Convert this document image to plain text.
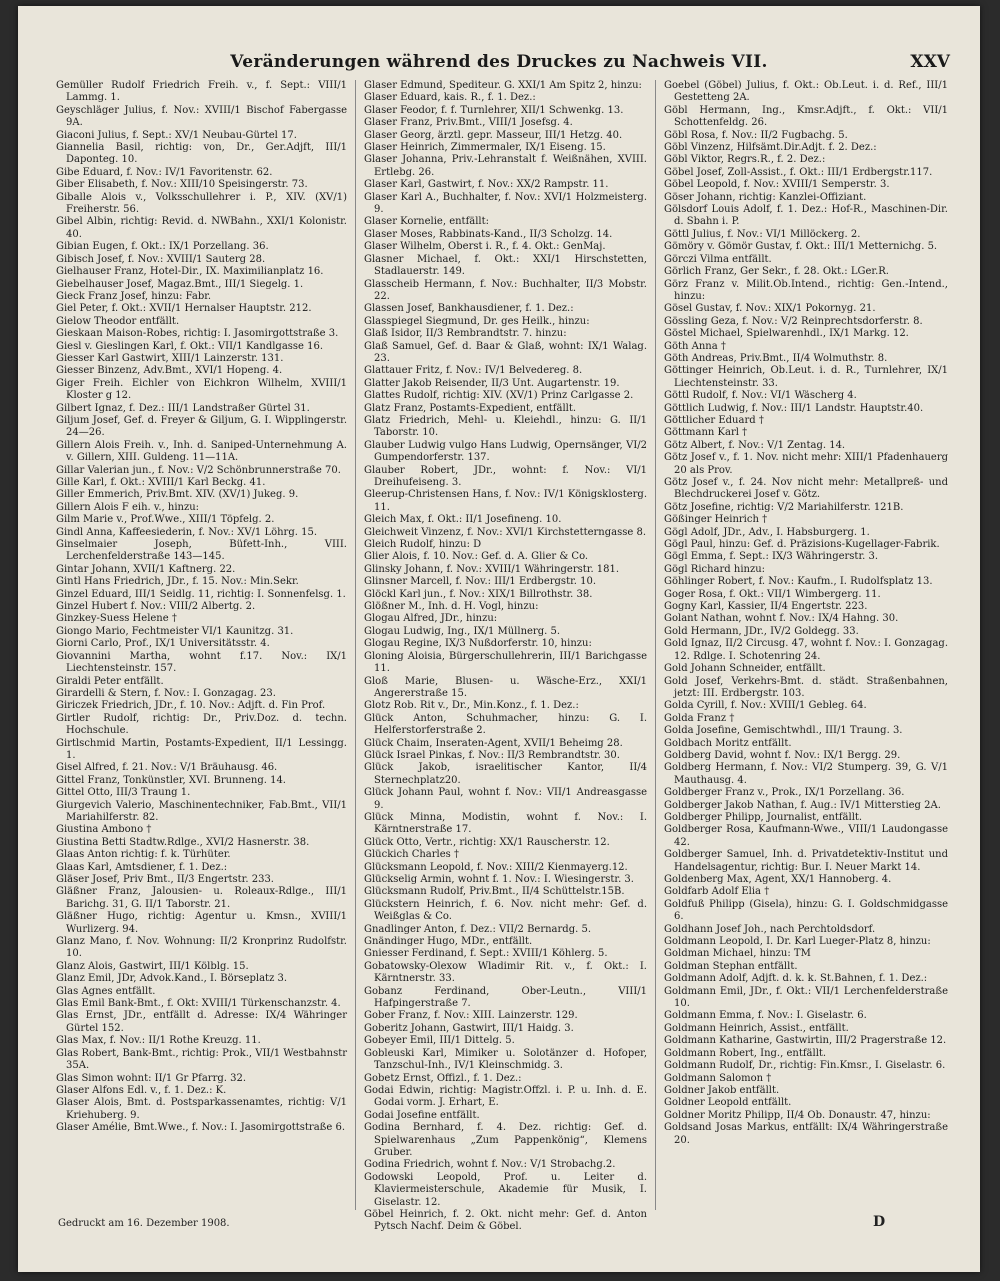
Veränderungen während des Druckes zu Nachweis VII.	XXV

Gemüller Rudolf Friedrich Freih. v., f. Sept.: VIII/1 Lammg. 1.

Geyschläger Julius, f. Nov.: XVIII/1 Bischof Fabergasse 9A.

Giaconi Julius, f. Sept.: XV/1 Neubau-Gürtel 17.

Giannelia Basil, richtig: von, Dr., Ger.Adjft, III/1 Daponteg. 10.

Gibe Eduard, f. Nov.: IV/1 Favoritenstr. 62.

Giber Elisabeth, f. Nov.: XIII/10 Speisingerstr. 73.

Giballe Alois v., Volksschullehrer i. P., XIV. (XV/1) Freiherstr. 56.

Gibel Albin, richtig: Revid. d. NWBahn., XXI/1 Kolonistr. 40.

Gibian Eugen, f. Okt.: IX/1 Porzellang. 36.

Gibisch Josef, f. Nov.: XVIII/1 Sauterg 28.

Gielhauser Franz, Hotel-Dir., IX. Maximilianplatz 16.

Giebelhauser Josef, Magaz.Bmt., III/1 Siegelg. 1.

Gieck Franz Josef, hinzu: Fabr.

Giel Peter, f. Okt.: XVII/1 Hernalser Hauptstr. 212.

Gielow Theodor entfällt.

Gieskaan Maison-Robes, richtig: I. Jasomirgottstraße 3.

Giesl v. Gieslingen Karl, f. Okt.: VII/1 Kandlgasse 16.

Giesser Karl Gastwirt, XIII/1 Lainzerstr. 131.

Giesser Binzenz, Adv.Bmt., XVI/1 Hopeng. 4.

Giger Freih. Eichler von Eichkron Wilhelm, XVIII/1 Kloster g 12.

Gilbert Ignaz, f. Dez.: III/1 Landstraßer Gürtel 31.

Giljum Josef, Gef. d. Freyer & Giljum, G. I. Wipplingerstr. 24—26.

Gillern Alois Freih. v., Inh. d. Saniped-Unternehmung A. v. Gillern, XIII. Guldeng. 11—11A.

Gillar Valerian jun., f. Nov.: V/2 Schönbrunnerstraße 70.

Gille Karl, f. Okt.: XVIII/1 Karl Beckg. 41.

Giller Emmerich, Priv.Bmt. XIV. (XV/1) Jukeg. 9.

Gillern Alois F eih. v., hinzu:

Gilm Marie v., Prof.Wwe., XIII/1 Töpfelg. 2.

Gindl Anna, Kaffeesiederin, f. Nov.: XV/1 Löhrg. 15.

Ginselmaier Joseph, Büfett-Inh., VIII. Lerchenfelderstraße 143—145.

Gintar Johann, XVII/1 Kaftnerg. 22.

Gintl Hans Friedrich, JDr., f. 15. Nov.: Min.Sekr.

Ginzel Eduard, III/1 Seidlg. 11, richtig: I. Sonnenfelsg. 1.

Ginzel Hubert f. Nov.: VIII/2 Albertg. 2.

Ginzkey-Suess Helene †

Giongo Mario, Fechtmeister VI/1 Kaunitzg. 31.

Giorni Carlo, Prof., IX/1 Universitätsstr. 4.

Giovannini Martha, wohnt f.17. Nov.: IX/1 Liechtensteinstr. 157.

Giraldi Peter entfällt.

Girardelli & Stern, f. Nov.: I. Gonzagag. 23.

Giriczek Friedrich, JDr., f. 10. Nov.: Adjft. d. Fin Prof.

Girtler Rudolf, richtig: Dr., Priv.Doz. d. techn. Hochschule.

Girtlschmid Martin, Postamts-Expedient, II/1 Lessingg. 1.

Gisel Alfred, f. 21. Nov.: V/1 Bräuhausg. 46.

Gittel Franz, Tonkünstler, XVI. Brunneng. 14.

Gittel Otto, III/3 Traung 1.

Giurgevich Valerio, Maschinentechniker, Fab.Bmt., VII/1 Mariahilferstr. 82.

Giustina Ambono †

Giustina Betti Stadtw.Rdlge., XVI/2 Hasnerstr. 38.

Glaas Anton richtig: f. k. Türhüter.

Glaas Karl, Amtsdiener, f. 1. Dez.:

Gläser Josef, Priv Bmt., II/3 Engertstr. 233.

Gläßner Franz, Jalousien- u. Roleaux-Rdlge., III/1 Barichg. 31, G. II/1 Taborstr. 21.

Gläßner Hugo, richtig: Agentur u. Kmsn., XVIII/1 Wurlizerg. 94.

Glanz Mano, f. Nov. Wohnung: II/2 Kronprinz Rudolfstr. 10.

Glanz Alois, Gastwirt, III/1 Kölblg. 15.

Glanz Emil, JDr, Advok.Kand., I. Börseplatz 3.

Glas Agnes entfällt.

Glas Emil Bank-Bmt., f. Okt: XVIII/1 Türkenschanzstr. 4.

Glas Ernst, JDr., entfällt d. Adresse: IX/4 Währinger Gürtel 152.

Glas Max, f. Nov.: II/1 Rothe Kreuzg. 11.

Glas Robert, Bank-Bmt., richtig: Prok., VII/1 Westbahnstr 35A.

Glas Simon wohnt: II/1 Gr Pfarrg. 32.

Glaser Alfons Edl. v., f. 1. Dez.: K.

Glaser Alois, Bmt. d. Postsparkassenamtes, richtig: V/1 Kriehuberg. 9.

Glaser Amélie, Bmt.Wwe., f. Nov.: I. Jasomirgottstraße 6.

Glaser Edmund, Spediteur. G. XXI/1 Am Spitz 2, hinzu:

Glaser Eduard, kais. R., f. 1. Dez.:

Glaser Feodor, f. f. Turnlehrer, XII/1 Schwenkg. 13.

Glaser Franz, Priv.Bmt., VIII/1 Josefsg. 4.

Glaser Georg, ärztl. gepr. Masseur, III/1 Hetzg. 40.

Glaser Heinrich, Zimmermaler, IX/1 Eiseng. 15.

Glaser Johanna, Priv.-Lehranstalt f. Weißnähen, XVIII. Ertlebg. 26.

Glaser Karl, Gastwirt, f. Nov.: XX/2 Rampstr. 11.

Glaser Karl A., Buchhalter, f. Nov.: XVI/1 Holzmeisterg. 9.

Glaser Kornelie, entfällt:

Glaser Moses, Rabbinats-Kand., II/3 Scholzg. 14.

Glaser Wilhelm, Oberst i. R., f. 4. Okt.: GenMaj.

Glasner Michael, f. Okt.: XXI/1 Hirschstetten, Stadlauerstr. 149.

Glasscheib Hermann, f. Nov.: Buchhalter, II/3 Mobstr. 22.

Glassen Josef, Bankhausdiener, f. 1. Dez.:

Glasspiegel Siegmund, Dr. ges Heilk., hinzu:

Glaß Isidor, II/3 Rembrandtstr. 7. hinzu:

Glaß Samuel, Gef. d. Baar & Glaß, wohnt: IX/1 Walag. 23.

Glattauer Fritz, f. Nov.: IV/1 Belvedereg. 8.

Glatter Jakob Reisender, II/3 Unt. Augartenstr. 19.

Glattes Rudolf, richtig: XIV. (XV/1) Prinz Carlgasse 2.

Glatz Franz, Postamts-Expedient, entfällt.

Glatz Friedrich, Mehl- u. Kleiehdl., hinzu: G. II/1 Taborstr. 10.

Glauber Ludwig vulgo Hans Ludwig, Opernsänger, VI/2 Gumpendorferstr. 137.

Glauber Robert, JDr., wohnt: f. Nov.: VI/1 Dreihufeiseng. 3.

Gleerup-Christensen Hans, f. Nov.: IV/1 Königsklosterg. 11.

Gleich Max, f. Okt.: II/1 Josefineng. 10.

Gleichweit Vinzenz, f. Nov.: XVI/1 Kirchstetterngasse 8.

Gleich Rudolf, hinzu: D

Glier Alois, f. 10. Nov.: Gef. d. A. Glier & Co.

Glinsky Johann, f. Nov.: XVIII/1 Währingerstr. 181.

Glinsner Marcell, f. Nov.: III/1 Erdbergstr. 10.

Glöckl Karl jun., f. Nov.: XIX/1 Billrothstr. 38.

Glößner M., Inh. d. H. Vogl, hinzu:

Glogau Alfred, JDr., hinzu:

Glogau Ludwig, Ing., IX/1 Müllnerg. 5.

Glogau Regine, IX/3 Nußdorferstr. 10, hinzu:

Gloning Aloisia, Bürgerschullehrerin, III/1 Barichgasse 11.

Gloß Marie, Blusen- u. Wäsche-Erz., XXI/1 Angererstraße 15.

Glotz Rob. Rit v., Dr., Min.Konz., f. 1. Dez.:

Glück Anton, Schuhmacher, hinzu: G. I. Helferstorferstraße 2.

Glück Chaim, Inseraten-Agent, XVII/1 Beheimg 28.

Glück Israel Pinkas, f. Nov.: II/3 Rembrandtstr. 30.

Glück Jakob, israelitischer Kantor, II/4 Sternechplatz20.

Glück Johann Paul, wohnt f. Nov.: VII/1 Andreasgasse 9.

Glück Minna, Modistin, wohnt f. Nov.: I. Kärntnerstraße 17.

Glück Otto, Vertr., richtig: XX/1 Rauscherstr. 12.

Glückich Charles †

Glücksmann Leopold, f. Nov.: XIII/2 Kienmayerg.12.

Glückselig Armin, wohnt f. 1. Nov.: I. Wiesingerstr. 3.

Glücksmann Rudolf, Priv.Bmt., II/4 Schüttelstr.15B.

Glückstern Heinrich, f. 6. Nov. nicht mehr: Gef. d. Weißglas & Co.

Gnadlinger Anton, f. Dez.: VII/2 Bernardg. 5.

Gnändinger Hugo, MDr., entfällt.

Gniesser Ferdinand, f. Sept.: XVIII/1 Köhlerg. 5.

Gobatowsky-Olexow Wladimir Rit. v., f. Okt.: I. Kärntnerstr. 33.

Gobanz Ferdinand, Ober-Leutn., VIII/1 Hafpingerstraße 7.

Gober Franz, f. Nov.: XIII. Lainzerstr. 129.

Goberitz Johann, Gastwirt, III/1 Haidg. 3.

Gobeyer Emil, III/1 Dittelg. 5.

Gobleuski Karl, Mimiker u. Solotänzer d. Hofoper, Tanzschul-Inh., IV/1 Kleinschmidg. 3.

Gobetz Ernst, Offizl., f. 1. Dez.:

Godai Edwin, richtig: Magistr.Offzl. i. P. u. Inh. d. E. Godai vorm. J. Erhart, E.

Godai Josefine entfällt.

Godina Bernhard, f. 4. Dez. richtig: Gef. d. Spielwarenhaus „Zum Pappenkönig“, Klemens Gruber.

Godina Friedrich, wohnt f. Nov.: V/1 Strobachg.2.

Godowski Leopold, Prof. u. Leiter d. Klaviermeisterschule, Akademie für Musik, I. Giselastr. 12.

Göbel Heinrich, f. 2. Okt. nicht mehr: Gef. d. Anton Pytsch Nachf. Deim & Göbel.

Goebel (Göbel) Julius, f. Okt.: Ob.Leut. i. d. Ref., III/1 Gestetteng 2A.

Göbl Hermann, Ing., Kmsr.Adjft., f. Okt.: VII/1 Schottenfeldg. 26.

Göbl Rosa, f. Nov.: II/2 Fugbachg. 5.

Göbl Vinzenz, Hilfsämt.Dir.Adjt. f. 2. Dez.:

Göbl Viktor, Regrs.R., f. 2. Dez.:

Göbel Josef, Zoll-Assist., f. Okt.: III/1 Erdbergstr.117.

Göbel Leopold, f. Nov.: XVIII/1 Semperstr. 3.

Göser Johann, richtig: Kanzlei-Offiziant.

Gölsdorf Louis Adolf, f. 1. Dez.: Hof-R., Maschinen-Dir. d. Sbahn i. P.

Göttl Julius, f. Nov.: VI/1 Millöckerg. 2.

Gömöry v. Gömör Gustav, f. Okt.: III/1 Metternichg. 5.

Görczi Vilma entfällt.

Görlich Franz, Ger Sekr., f. 28. Okt.: LGer.R.

Görz Franz v. Milit.Ob.Intend., richtig: Gen.-Intend., hinzu:

Gösel Gustav, f. Nov.: XIX/1 Pokornyg. 21.

Gössling Geza, f. Nov.: V/2 Reinprechtsdorferstr. 8.

Göstel Michael, Spielwarenhdl., IX/1 Markg. 12.

Göth Anna †

Göth Andreas, Priv.Bmt., II/4 Wolmuthstr. 8.

Göttinger Heinrich, Ob.Leut. i. d. R., Turnlehrer, IX/1 Liechtensteinstr. 33.

Göttl Rudolf, f. Nov.: VI/1 Wäscherg 4.

Göttlich Ludwig, f. Nov.: III/1 Landstr. Hauptstr.40.

Göttlicher Eduard †

Göttmann Karl †

Götz Albert, f. Nov.: V/1 Zentag. 14.

Götz Josef v., f. 1. Nov. nicht mehr: XIII/1 Pfadenhauerg 20 als Prov.

Götz Josef v., f. 24. Nov nicht mehr: Metallpreß- und Blechdruckerei Josef v. Götz.

Götz Josefine, richtig: V/2 Mariahilferstr. 121B.

Gößinger Heinrich †

Gögl Adolf, JDr., Adv., I. Habsburgerg. 1.

Gögl Paul, hinzu: Gef. d. Präzisions-Kugellager-Fabrik.

Gögl Emma, f. Sept.: IX/3 Währingerstr. 3.

Gögl Richard hinzu:

Göhlinger Robert, f. Nov.: Kaufm., I. Rudolfsplatz 13.

Goger Rosa, f. Okt.: VII/1 Wimbergerg. 11.

Gogny Karl, Kassier, II/4 Engertstr. 223.

Golant Nathan, wohnt f. Nov.: IX/4 Hahng. 30.

Gold Hermann, JDr., IV/2 Goldegg. 33.

Gold Ignaz, II/2 Circusg. 47, wohnt f. Nov.: I. Gonzagag. 12. Rdlge. I. Schotenring 24.

Gold Johann Schneider, entfällt.

Gold Josef, Verkehrs-Bmt. d. städt. Straßenbahnen, jetzt: III. Erdbergstr. 103.

Golda Cyrill, f. Nov.: XVIII/1 Gebleg. 64.

Golda Franz †

Golda Josefine, Gemischtwhdl., III/1 Traung. 3.

Goldbach Moritz entfällt.

Goldberg David, wohnt f. Nov.: IX/1 Bergg. 29.

Goldberg Hermann, f. Nov.: VI/2 Stumperg. 39, G. V/1 Mauthausg. 4.

Goldberger Franz v., Prok., IX/1 Porzellang. 36.

Goldberger Jakob Nathan, f. Aug.: IV/1 Mitterstieg 2A.

Goldberger Philipp, Journalist, entfällt.

Goldberger Rosa, Kaufmann-Wwe., VIII/1 Laudongasse 42.

Goldberger Samuel, Inh. d. Privatdetektiv-Institut und Handelsagentur, richtig: Bur. I. Neuer Markt 14.

Goldenberg Max, Agent, XX/1 Hannoberg. 4.

Goldfarb Adolf Elia †

Goldfuß Philipp (Gisela), hinzu: G. I. Goldschmidgasse 6.

Goldhann Josef Joh., nach Perchtoldsdorf.

Goldmann Leopold, I. Dr. Karl Lueger-Platz 8, hinzu:

Goldman Michael, hinzu: TM

Goldman Stephan entfällt.

Goldmann Adolf, Adjft. d. k. k. St.Bahnen, f. 1. Dez.:

Goldmann Emil, JDr., f. Okt.: VII/1 Lerchenfelderstraße 10.

Goldmann Emma, f. Nov.: I. Giselastr. 6.

Goldmann Heinrich, Assist., entfällt.

Goldmann Katharine, Gastwirtin, III/2 Pragerstraße 12.

Goldmann Robert, Ing., entfällt.

Goldmann Rudolf, Dr., richtig: Fin.Kmsr., I. Giselastr. 6.

Goldmann Salomon †

Goldner Jakob entfällt.

Goldner Leopold entfällt.

Goldner Moritz Philipp, II/4 Ob. Donaustr. 47, hinzu:

Goldsand Josas Markus, entfällt: IX/4 Währingerstraße 20.

Gedruckt am 16. Dezember 1908.	D
